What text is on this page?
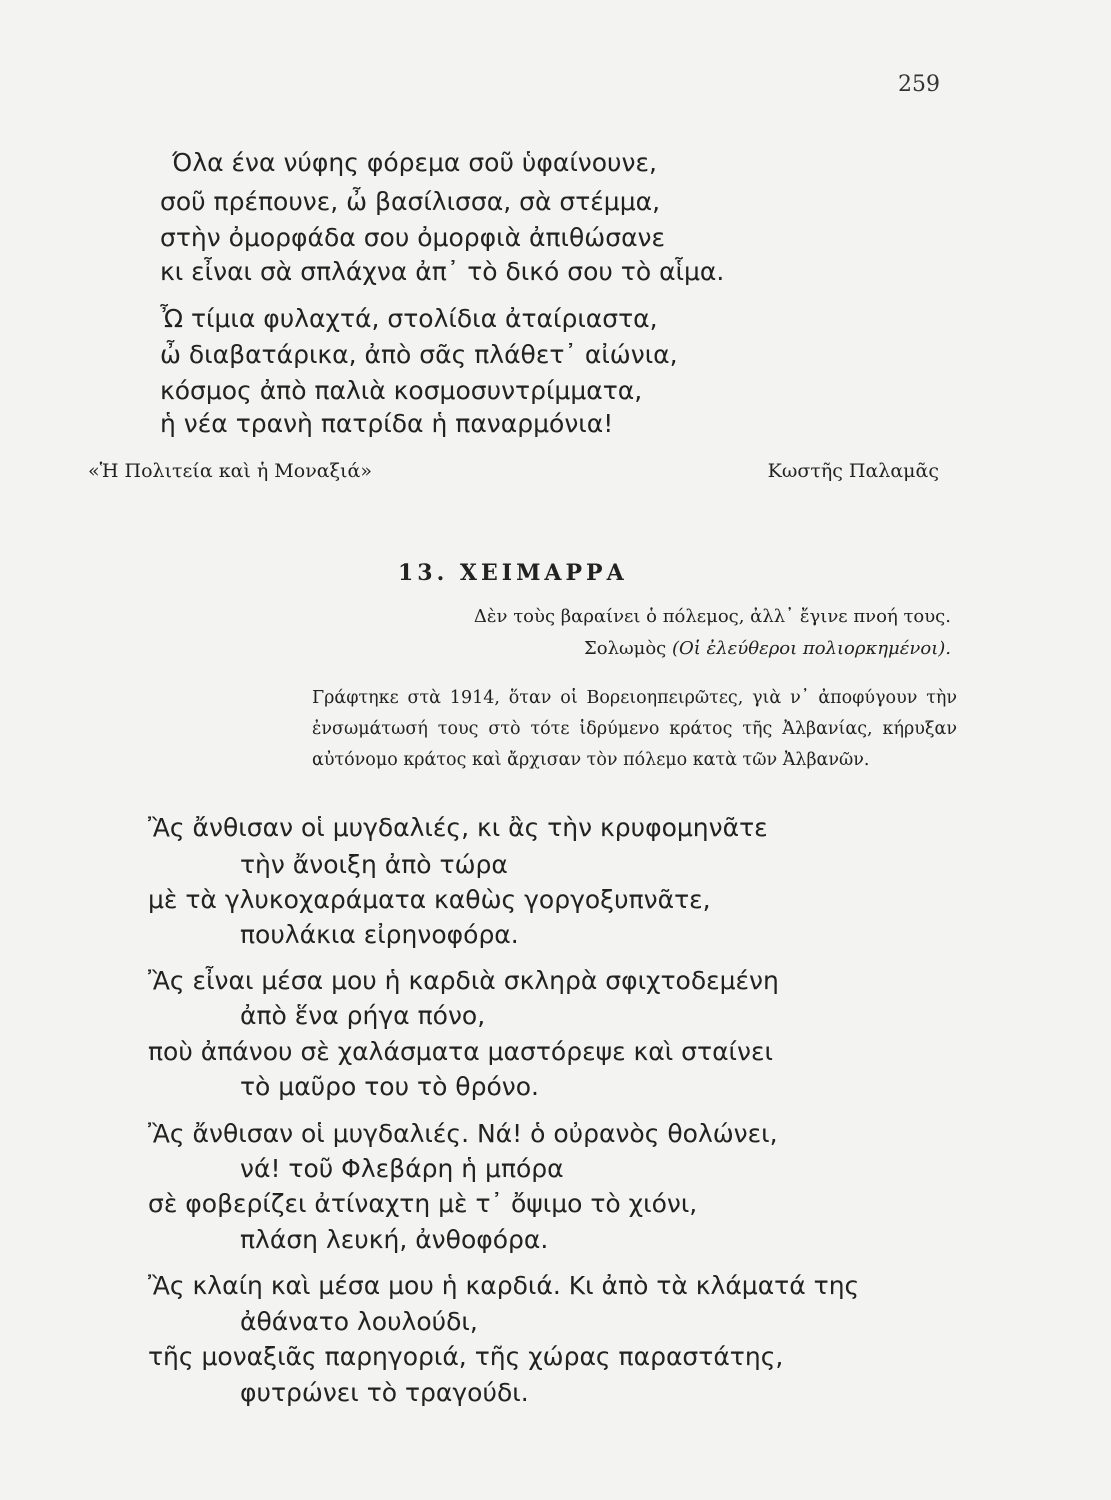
259
Όλα ένα νύφης φόρεμα σοῦ ὑφαίνουνε,
σοῦ πρέπουνε, ὦ βασίλισσα, σὰ στέμμα,
στὴν ὀμορφάδα σου ὀμορφιὰ ἀπιθώσανε
κι εἶναι σὰ σπλάχνα ἀπ᾽ τὸ δικό σου τὸ αἷμα.
Ὦ τίμια φυλαχτά, στολίδια ἀταίριαστα,
ὦ διαβατάρικα, ἀπὸ σᾶς πλάθετ᾽ αἰώνια,
κόσμος ἀπὸ παλιὰ κοσμοσυντρίμματα,
ἡ νέα τρανὴ πατρίδα ἡ παναρμόνια!
«Ἡ Πολιτεία καὶ ἡ Μοναξιά»	Κωστῆς Παλαμᾶς
13. ΧΕΙΜΑΡΡΑ
Δὲν τοὺς βαραίνει ὁ πόλεμος, ἀλλ᾽ ἔγινε πνοή τους.
Σολωμὸς (Οἱ ἐλεύθεροι πολιορκημένοι).
Γράφτηκε στὰ 1914, ὅταν οἱ Βορειοηπειρῶτες, γιὰ ν᾽ ἀποφύγουν τὴν ἐνσωμάτωσή τους στὸ τότε ἱδρύμενο κράτος τῆς Ἀλβανίας, κήρυξαν αὐτόνομο κράτος καὶ ἄρχισαν τὸν πόλεμο κατὰ τῶν Ἀλβανῶν.
Ἂς ἄνθισαν οἱ μυγδαλιές, κι ἂς τὴν κρυφομηνᾶτε
τὴν ἄνοιξη ἀπὸ τώρα
μὲ τὰ γλυκοχαράματα καθὼς γοργοξυπνᾶτε,
πουλάκια εἰρηνοφόρα.
Ἂς εἶναι μέσα μου ἡ καρδιὰ σκληρὰ σφιχτοδεμένη
ἀπὸ ἕνα ρήγα πόνο,
ποὺ ἀπάνου σὲ χαλάσματα μαστόρεψε καὶ σταίνει
τὸ μαῦρο του τὸ θρόνο.
Ἂς ἄνθισαν οἱ μυγδαλιές. Νά! ὁ οὐρανὸς θολώνει,
νά! τοῦ Φλεβάρη ἡ μπόρα
σὲ φοβερίζει ἀτίναχτη μὲ τ᾽ ὄψιμο τὸ χιόνι,
πλάση λευκή, ἀνθοφόρα.
Ἂς κλαίη καὶ μέσα μου ἡ καρδιά. Κι ἀπὸ τὰ κλάματά της
ἀθάνατο λουλούδι,
τῆς μοναξιᾶς παρηγοριά, τῆς χώρας παραστάτης,
φυτρώνει τὸ τραγούδι.
